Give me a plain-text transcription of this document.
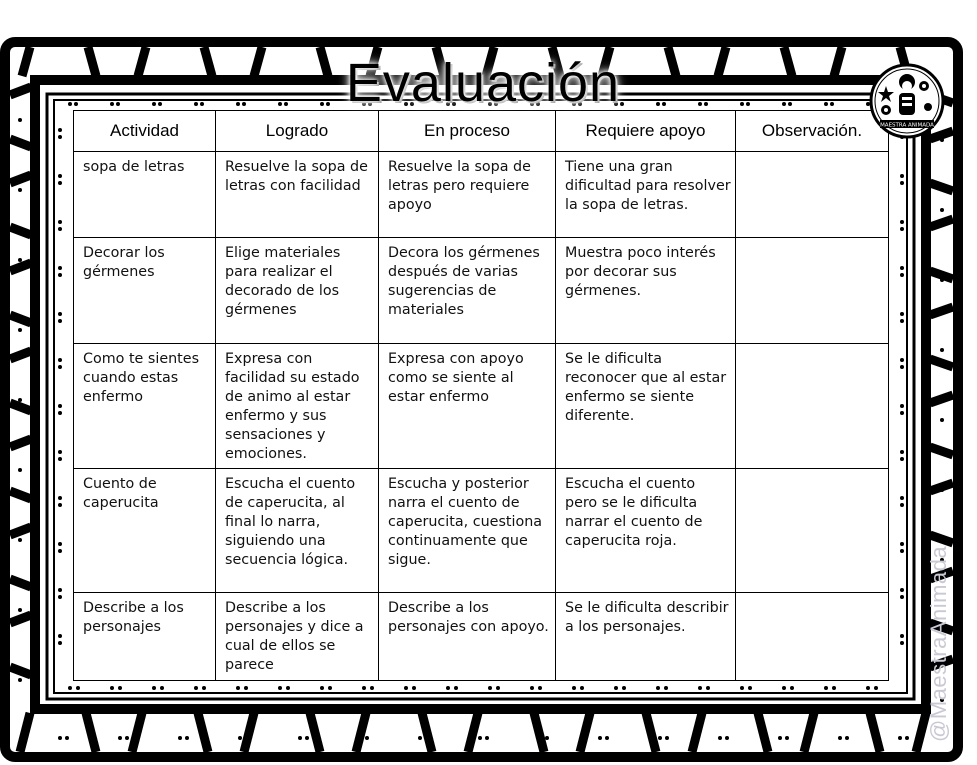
Evaluación
MAESTRA ANIMADA
@MaestraAnimada
Actividad	Logrado	En proceso	Requiere apoyo	Observación.
sopa de letras	Resuelve la sopa de letras con facilidad	Resuelve la sopa de letras pero requiere apoyo	Tiene una gran dificultad para resolver la sopa de letras.	
Decorar los gérmenes	Elige materiales para realizar el decorado de los gérmenes	Decora los gérmenes después de varias sugerencias de materiales	Muestra poco interés por decorar sus gérmenes.	
Como te sientes cuando estas enfermo	Expresa con facilidad su estado de animo al estar enfermo y sus sensaciones y emociones.	Expresa con apoyo como se siente al estar enfermo	Se le dificulta reconocer que al estar enfermo se siente diferente.	
Cuento de caperucita	Escucha el cuento de caperucita, al final lo narra, siguiendo una secuencia lógica.	Escucha y posterior narra el cuento de caperucita, cuestiona continuamente que sigue.	Escucha el cuento pero se le dificulta narrar el cuento de caperucita roja.	
Describe a los personajes	Describe a los personajes y dice a cual de ellos se parece	Describe a los personajes con apoyo.	Se le dificulta describir a los personajes.	
